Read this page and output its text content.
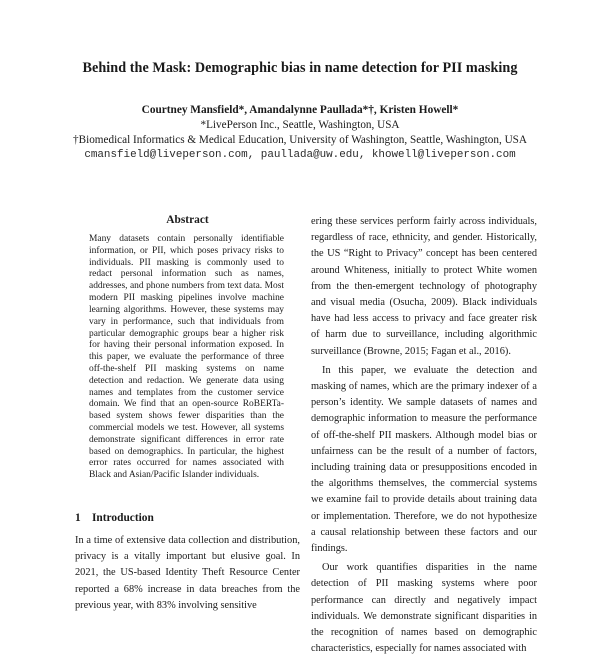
Behind the Mask: Demographic bias in name detection for PII masking
Courtney Mansfield*, Amandalynne Paullada*†, Kristen Howell*
*LivePerson Inc., Seattle, Washington, USA
†Biomedical Informatics & Medical Education, University of Washington, Seattle, Washington, USA
cmansfield@liveperson.com, paullada@uw.edu, khowell@liveperson.com
Abstract

Many datasets contain personally identifiable information, or PII, which poses privacy risks to individuals. PII masking is commonly used to redact personal information such as names, addresses, and phone numbers from text data. Most modern PII masking pipelines involve machine learning algorithms. However, these systems may vary in performance, such that individuals from particular demographic groups bear a higher risk for having their personal information exposed. In this paper, we evaluate the performance of three off-the-shelf PII masking systems on name detection and redaction. We generate data using names and templates from the customer service domain. We find that an open-source RoBERTa-based system shows fewer disparities than the commercial models we test. However, all systems demonstrate significant differences in error rate based on demographics. In particular, the highest error rates occurred for names associated with Black and Asian/Pacific Islander individuals.

1 Introduction

In a time of extensive data collection and distribution, privacy is a vitally important but elusive goal. In 2021, the US-based Identity Theft Resource Center reported a 68% increase in data breaches from the previous year, with 83% involving sensitive

ering these services perform fairly across individuals, regardless of race, ethnicity, and gender. Historically, the US “Right to Privacy” concept has been centered around Whiteness, initially to protect White women from the then-emergent technology of photography and visual media (Osucha, 2009). Black individuals have had less access to privacy and face greater risk of harm due to surveillance, including algorithmic surveillance (Browne, 2015; Fagan et al., 2016).

In this paper, we evaluate the detection and masking of names, which are the primary indexer of a person’s identity. We sample datasets of names and demographic information to measure the performance of off-the-shelf PII maskers. Although model bias or unfairness can be the result of a number of factors, including training data or presuppositions encoded in the algorithms themselves, the commercial systems we examine fail to provide details about training data or implementation. Therefore, we do not hypothesize a causal relationship between these factors and our findings.

Our work quantifies disparities in the name detection of PII masking systems where poor performance can directly and negatively impact individuals. We demonstrate significant disparities in the recognition of names based on demographic characteristics, especially for names associated with
